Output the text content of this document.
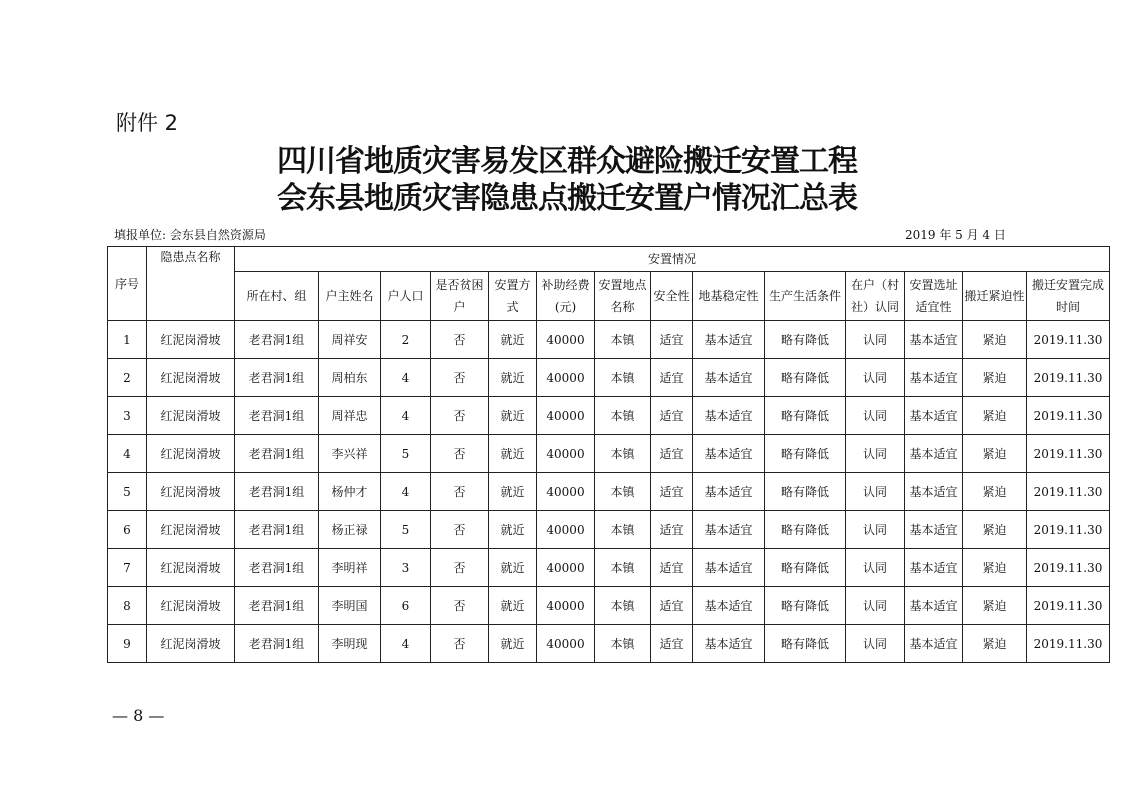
附件 2
四川省地质灾害易发区群众避险搬迁安置工程
会东县地质灾害隐患点搬迁安置户情况汇总表
填报单位: 会东县自然资源局	2019 年 5 月 4 日
序号	隐患点名称	安置情况													
		所在村、组	户主姓名	户人口	是否贫困户	安置方式	补助经费(元)	安置地点名称	安全性	地基稳定性	生产生活条件	在户（村社）认同	安置选址适宜性	搬迁紧迫性	搬迁安置完成时间
1	红泥岗滑坡	老君洞1组	周祥安	2	否	就近	40000	本镇	适宜	基本适宜	略有降低	认同	基本适宜	紧迫	2019.11.30
2	红泥岗滑坡	老君洞1组	周柏东	4	否	就近	40000	本镇	适宜	基本适宜	略有降低	认同	基本适宜	紧迫	2019.11.30
3	红泥岗滑坡	老君洞1组	周祥忠	4	否	就近	40000	本镇	适宜	基本适宜	略有降低	认同	基本适宜	紧迫	2019.11.30
4	红泥岗滑坡	老君洞1组	李兴祥	5	否	就近	40000	本镇	适宜	基本适宜	略有降低	认同	基本适宜	紧迫	2019.11.30
5	红泥岗滑坡	老君洞1组	杨仲才	4	否	就近	40000	本镇	适宜	基本适宜	略有降低	认同	基本适宜	紧迫	2019.11.30
6	红泥岗滑坡	老君洞1组	杨正禄	5	否	就近	40000	本镇	适宜	基本适宜	略有降低	认同	基本适宜	紧迫	2019.11.30
7	红泥岗滑坡	老君洞1组	李明祥	3	否	就近	40000	本镇	适宜	基本适宜	略有降低	认同	基本适宜	紧迫	2019.11.30
8	红泥岗滑坡	老君洞1组	李明国	6	否	就近	40000	本镇	适宜	基本适宜	略有降低	认同	基本适宜	紧迫	2019.11.30
9	红泥岗滑坡	老君洞1组	李明现	4	否	就近	40000	本镇	适宜	基本适宜	略有降低	认同	基本适宜	紧迫	2019.11.30
— 8 —
